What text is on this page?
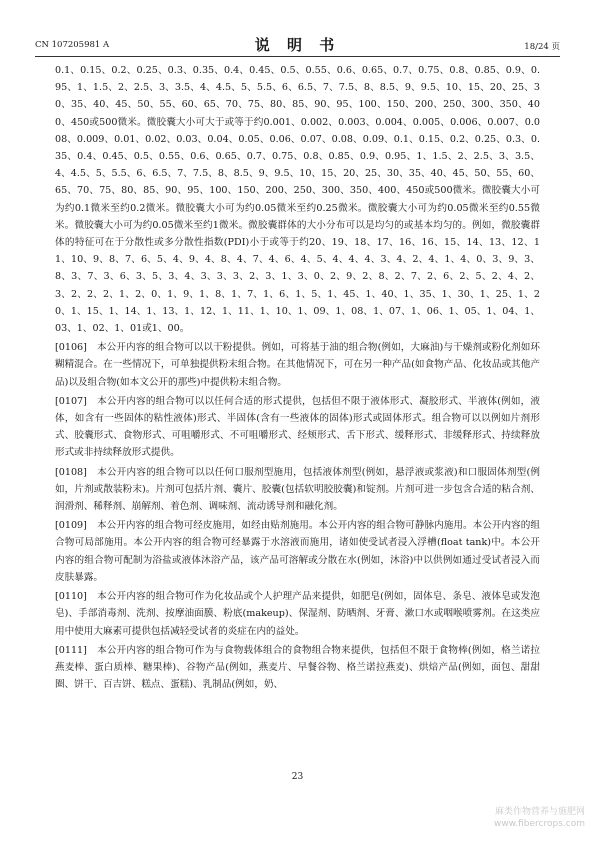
CN 107205981 A	说 明 书	18/24 页

0.1、0.15、0.2、0.25、0.3、0.35、0.4、0.45、0.5、0.55、0.6、0.65、0.7、0.75、0.8、0.85、0.9、0.95、1、1.5、2、2.5、3、3.5、4、4.5、5、5.5、6、6.5、7、7.5、8、8.5、9、9.5、10、15、20、25、30、35、40、45、50、55、60、65、70、75、80、85、90、95、100、150、200、250、300、350、400、450或500微米。微胶囊大小可大于或等于约0.001、0.002、0.003、0.004、0.005、0.006、0.007、0.008、0.009、0.01、0.02、0.03、0.04、0.05、0.06、0.07、0.08、0.09、0.1、0.15、0.2、0.25、0.3、0.35、0.4、0.45、0.5、0.55、0.6、0.65、0.7、0.75、0.8、0.85、0.9、0.95、1、1.5、2、2.5、3、3.5、4、4.5、5、5.5、6、6.5、7、7.5、8、8.5、9、9.5、10、15、20、25、30、35、40、45、50、55、60、65、70、75、80、85、90、95、100、150、200、250、300、350、400、450或500微米。微胶囊大小可为约0.1微米至约0.2微米。微胶囊大小可为约0.05微米至约0.25微米。微胶囊大小可为约0.05微米至约0.55微米。微胶囊大小可为约0.05微米至约1微米。微胶囊群体的大小分布可以是均匀的或基本均匀的。例如，微胶囊群体的特征可在于分散性或多分散性指数(PDI)小于或等于约20、19、18、17、16、16、15、14、13、12、11、10、9、8、7、6、5、4、9、4、8、4、7、4、6、4、5、4、4、4、3、4、2、4、1、4、0、3、9、3、8、3、7、3、6、3、5、3、4、3、3、3、2、3、1、3、0、2、9、2、8、2、7、2、6、2、5、2、4、2、3、2、2、2、1、2、0、1、9、1、8、1、7、1、6、1、5、1、45、1、40、1、35、1、30、1、25、1、20、1、15、1、14、1、13、1、12、1、11、1、10、1、09、1、08、1、07、1、06、1、05、1、04、1、03、1、02、1、01或1、00。

[0106] 本公开内容的组合物可以以干粉提供。例如，可将基于油的组合物(例如，大麻油)与干燥剂或粉化剂如环糊精混合。在一些情况下，可单独提供粉末组合物。在其他情况下，可在另一种产品(如食物产品、化妆品或其他产品)以及组合物(如本文公开的那些)中提供粉末组合物。

[0107] 本公开内容的组合物可以以任何合适的形式提供，包括但不限于液体形式、凝胶形式、半液体(例如，液体，如含有一些固体的粘性液体)形式、半固体(含有一些液体的固体)形式或固体形式。组合物可以以例如片剂形式、胶囊形式、食物形式、可咀嚼形式、不可咀嚼形式、经颊形式、舌下形式、缓释形式、非缓释形式、持续释放形式或非持续释放形式提供。

[0108] 本公开内容的组合物可以以任何口服剂型施用，包括液体剂型(例如，悬浮液或浆液)和口服固体剂型(例如，片剂或散装粉末)。片剂可包括片剂、囊片、胶囊(包括软明胶胶囊)和锭剂。片剂可进一步包含合适的粘合剂、润滑剂、稀释剂、崩解剂、着色剂、调味剂、流动诱导剂和融化剂。

[0109] 本公开内容的组合物可经皮施用，如经由贴剂施用。本公开内容的组合物可静脉内施用。本公开内容的组合物可局部施用。本公开内容的组合物可经暴露于水溶液而施用，诸如使受试者浸入浮槽(float tank)中。本公开内容的组合物可配制为浴盐或液体沐浴产品，该产品可溶解或分散在水(例如，沐浴)中以供例如通过受试者浸入而皮肤暴露。

[0110] 本公开内容的组合物可作为化妆品或个人护理产品来提供，如肥皂(例如，固体皂、条皂、液体皂或发泡皂)、手部消毒剂、洗剂、按摩油面膜、粉底(makeup)、保湿剂、防晒剂、牙膏、漱口水或咽喉喷雾剂。在这类应用中使用大麻素可提供包括减轻受试者的炎症在内的益处。

[0111] 本公开内容的组合物可作为与食物载体组合的食物组合物来提供，包括但不限于食物棒(例如，格兰诺拉燕麦棒、蛋白质棒、糖果棒)、谷物产品(例如，燕麦片、早餐谷物、格兰诺拉燕麦)、烘焙产品(例如，面包、甜甜圈、饼干、百吉饼、糕点、蛋糕)、乳制品(例如，奶、

23
麻类作物营养与施肥网
www.fibercrops.com
